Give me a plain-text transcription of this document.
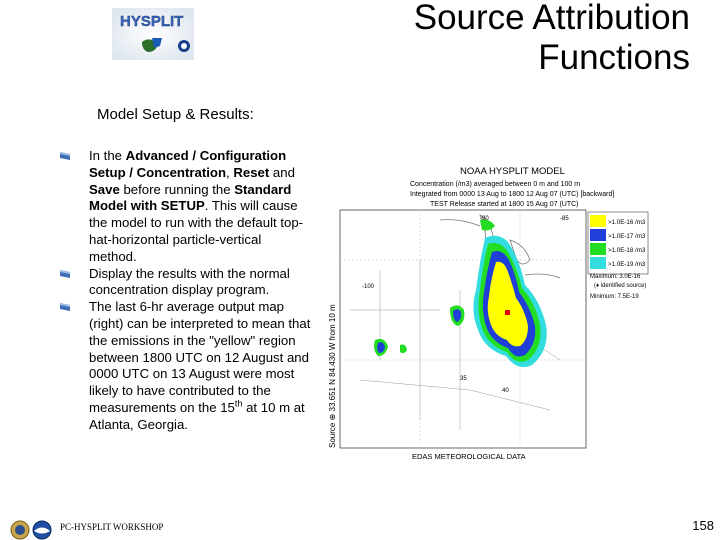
HYSPLIT	Source Attribution
Functions
Model Setup & Results:
In the Advanced / Configuration Setup / Concentration, Reset and Save before running the Standard Model with SETUP. This will cause the model to run with the default top-hat-horizontal particle-vertical method.
Display the results with the normal concentration display program.
The last 6-hr average output map (right) can be interpreted to mean that the emissions in the "yellow" region between 1800 UTC on 12 August and 0000 UTC on 13 August were most likely to have contributed to the measurements on the 15th at 10 m at Atlanta, Georgia.
NOAA HYSPLIT MODEL
Concentration (/m3) averaged between 0 m and 100 m
Integrated from 0000 13 Aug to 1800 12 Aug 07 (UTC) [backward]
TEST Release started at 1800 15 Aug 07 (UTC)
-90	-85
-100
35
40
Source ⊕ 33.651 N 84.430 W from 10 m
>1.0E-16 /m3
>1.0E-17 /m3
>1.0E-18 /m3
>1.0E-19 /m3
Maximum: 3.0E-16
(♦ identified source)
Minimum: 7.5E-19
EDAS METEOROLOGICAL DATA
PC-HYSPLIT WORKSHOP	158
